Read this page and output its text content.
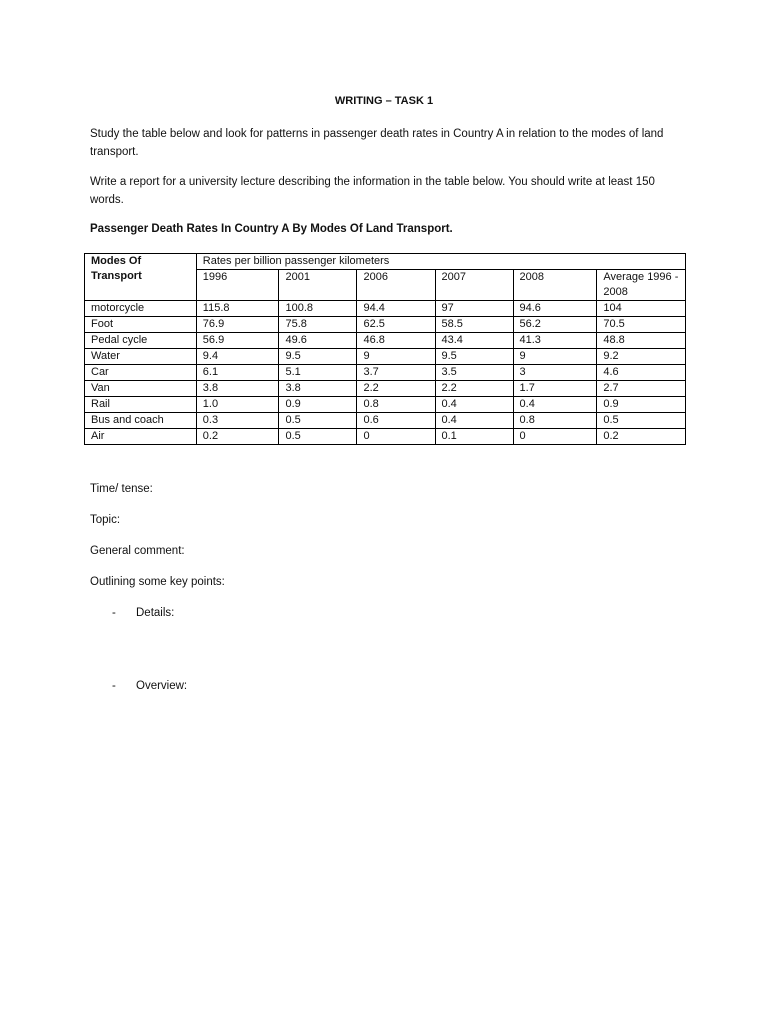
WRITING – TASK 1
Study the table below and look for patterns in passenger death rates in Country A in relation to the modes of land transport.
Write a report for a university lecture describing the information in the table below. You should write at least 150 words.
Passenger Death Rates In Country A By Modes Of Land Transport.
Modes Of Transport	Rates per billion passenger kilometers					
	1996	2001	2006	2007	2008	Average 1996 - 2008
motorcycle	115.8	100.8	94.4	97	94.6	104
Foot	76.9	75.8	62.5	58.5	56.2	70.5
Pedal cycle	56.9	49.6	46.8	43.4	41.3	48.8
Water	9.4	9.5	9	9.5	9	9.2
Car	6.1	5.1	3.7	3.5	3	4.6
Van	3.8	3.8	2.2	2.2	1.7	2.7
Rail	1.0	0.9	0.8	0.4	0.4	0.9
Bus and coach	0.3	0.5	0.6	0.4	0.8	0.5
Air	0.2	0.5	0	0.1	0	0.2
Time/ tense:
Topic:
General comment:
Outlining some key points:
- Details:
- Overview:
